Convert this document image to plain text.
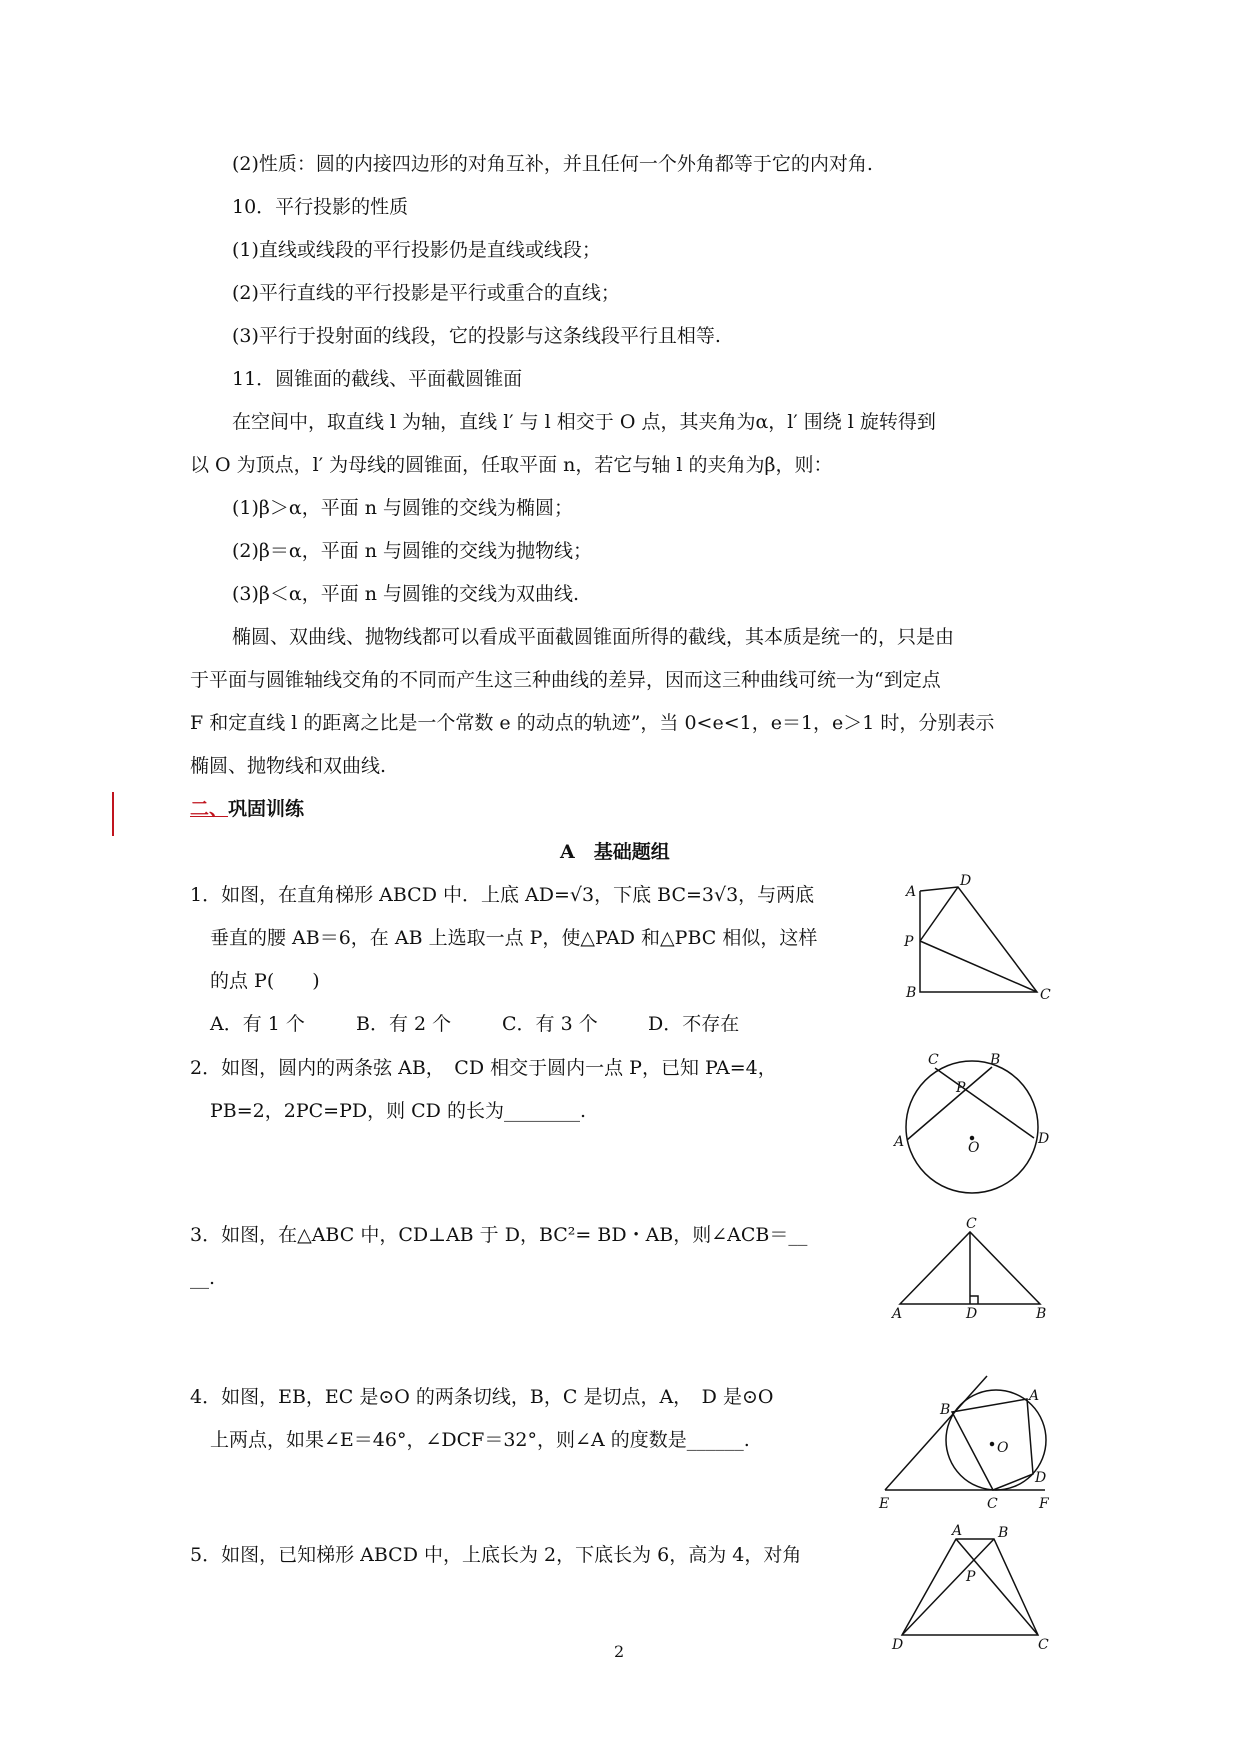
(2)性质：圆的内接四边形的对角互补，并且任何一个外角都等于它的内对角.
10．平行投影的性质
(1)直线或线段的平行投影仍是直线或线段；
(2)平行直线的平行投影是平行或重合的直线；
(3)平行于投射面的线段，它的投影与这条线段平行且相等.
11．圆锥面的截线、平面截圆锥面
在空间中，取直线 l 为轴，直线 l′ 与 l 相交于 O 点，其夹角为α，l′ 围绕 l 旋转得到
以 O 为顶点，l′ 为母线的圆锥面，任取平面 n，若它与轴 l 的夹角为β，则：
(1)β＞α，平面 n 与圆锥的交线为椭圆；
(2)β＝α，平面 n 与圆锥的交线为抛物线；
(3)β＜α，平面 n 与圆锥的交线为双曲线.
椭圆、双曲线、抛物线都可以看成平面截圆锥面所得的截线，其本质是统一的，只是由
于平面与圆锥轴线交角的不同而产生这三种曲线的差异，因而这三种曲线可统一为“到定点
F 和定直线 l 的距离之比是一个常数 e 的动点的轨迹”，当 0<e<1，e＝1，e＞1 时，分别表示
椭圆、抛物线和双曲线.
二、巩固训练
A　基础题组
1．如图，在直角梯形 ABCD 中．上底 AD=√3，下底 BC=3√3，与两底
垂直的腰 AB＝6，在 AB 上选取一点 P，使△PAD 和△PBC 相似，这样
的点 P(　　)
A．有 1 个	B．有 2 个	C．有 3 个	D．不存在
A
D
P
B	C
2．如图，圆内的两条弦 AB，　CD 相交于圆内一点 P，已知 PA=4，
PB=2，2PC=PD，则 CD 的长为________.
A
B
C
D
P
O
3．如图，在△ABC 中，CD⊥AB 于 D，BC²= BD・AB，则∠ACB＝__
__.
A	B
C
D
4．如图，EB，EC 是⊙O 的两条切线，B，C 是切点，A，　D 是⊙O
上两点，如果∠E＝46°，∠DCF＝32°，则∠A 的度数是______.
E
B
A
D
C	F
O
5．如图，已知梯形 ABCD 中，上底长为 2，下底长为 6，高为 4，对角
A	B
P
D	C
2
